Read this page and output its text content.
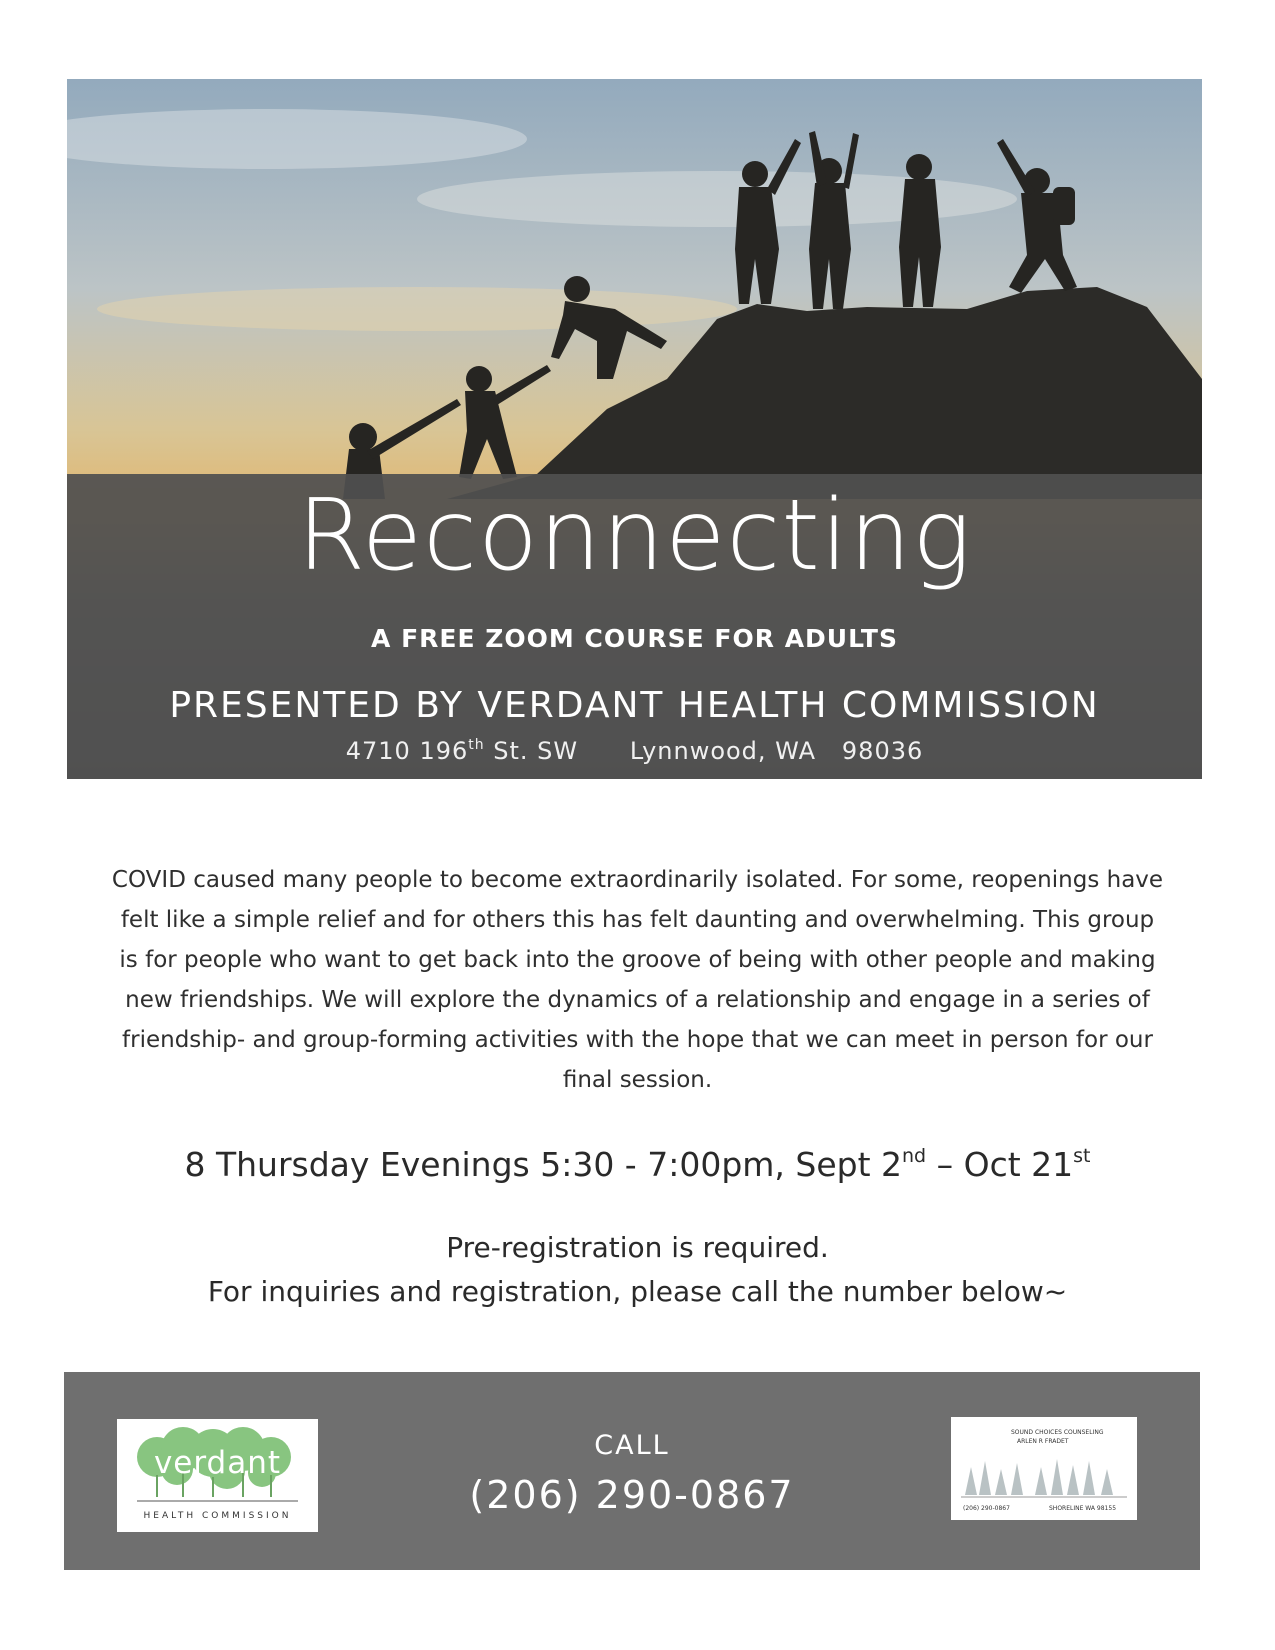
Reconnecting
A FREE ZOOM COURSE FOR ADULTS
PRESENTED BY VERDANT HEALTH COMMISSION
4710 196th St. SW      Lynnwood, WA   98036
COVID caused many people to become extraordinarily isolated. For some, reopenings have felt like a simple relief and for others this has felt daunting and overwhelming. This group is for people who want to get back into the groove of being with other people and making new friendships. We will explore the dynamics of a relationship and engage in a series of friendship- and group-forming activities with the hope that we can meet in person for our final session.
8 Thursday Evenings 5:30 - 7:00pm, Sept 2nd – Oct 21st
Pre-registration is required.
For inquiries and registration, please call the number below~
verdant
HEALTH COMMISSION
CALL
(206) 290-0867
SOUND CHOICES COUNSELING
ARLEN R FRADET
(206) 290-0867	SHORELINE WA 98155
